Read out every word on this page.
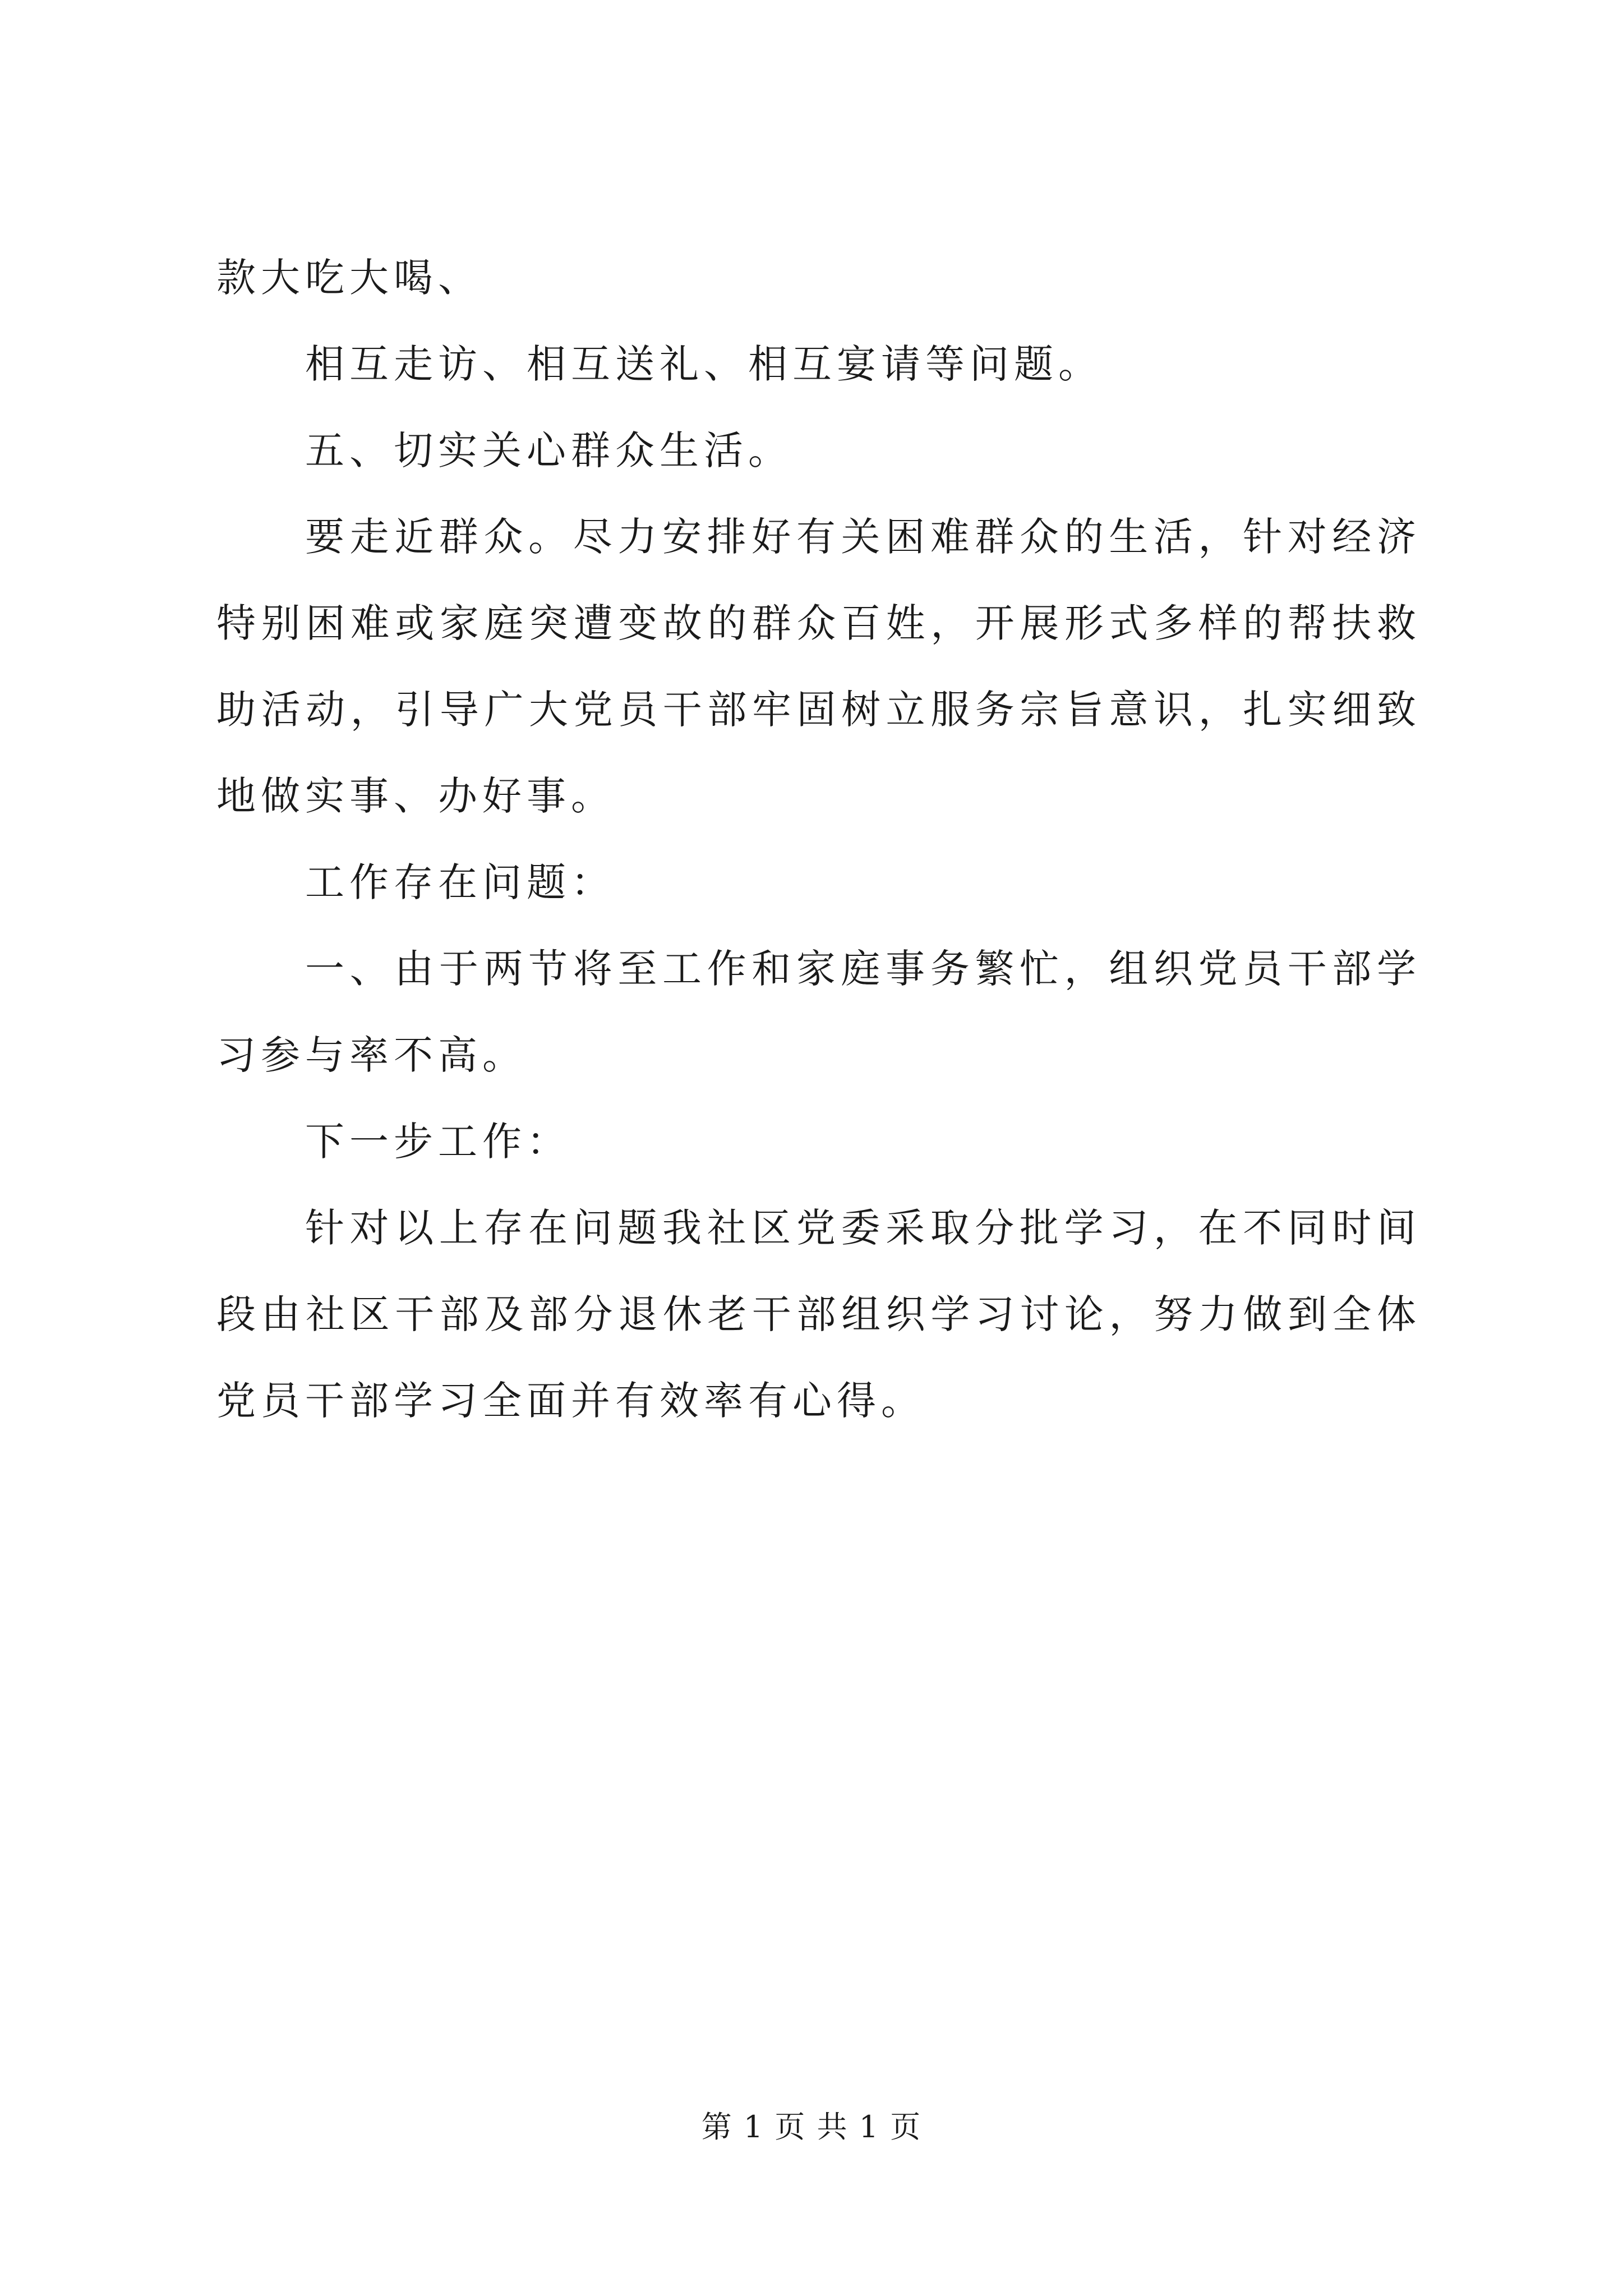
款大吃大喝、

相互走访、相互送礼、相互宴请等问题。

五、切实关心群众生活。

要走近群众。尽力安排好有关困难群众的生活，针对经济特别困难或家庭突遭变故的群众百姓，开展形式多样的帮扶救助活动，引导广大党员干部牢固树立服务宗旨意识，扎实细致地做实事、办好事。

工作存在问题：

一、由于两节将至工作和家庭事务繁忙，组织党员干部学习参与率不高。

下一步工作：

针对以上存在问题我社区党委采取分批学习，在不同时间段由社区干部及部分退休老干部组织学习讨论，努力做到全体党员干部学习全面并有效率有心得。

第 1 页 共 1 页
